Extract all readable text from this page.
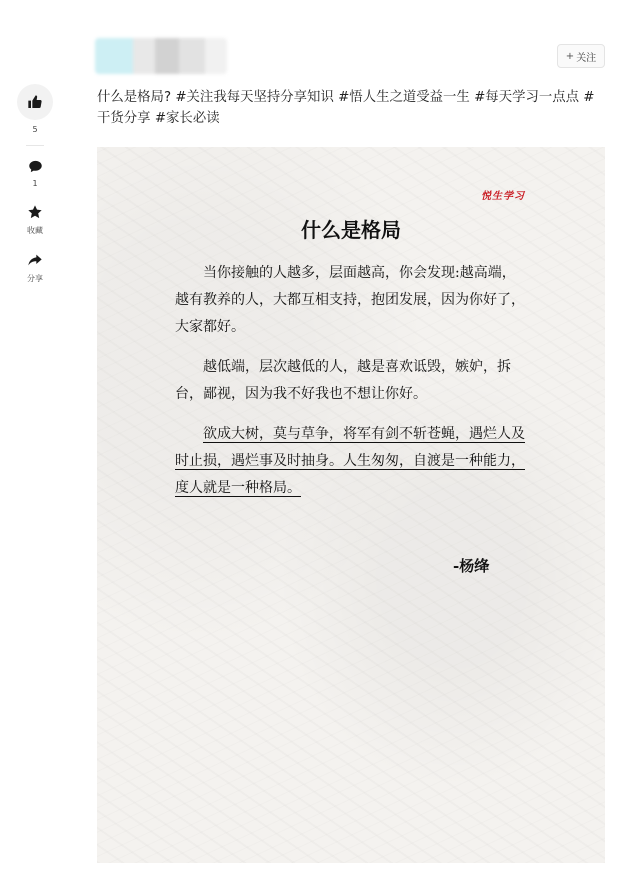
+ 关注
5
1
收藏
分享
什么是格局? #关注我每天坚持分享知识 #悟人生之道受益一生 #每天学习一点点 #干货分享 #家长必读
悦生学习
什么是格局
当你接触的人越多，层面越高，你会发现:越高端，越有教养的人，大都互相支持，抱团发展，因为你好了，大家都好。
越低端，层次越低的人，越是喜欢诋毁，嫉妒，拆台，鄙视，因为我不好我也不想让你好。
欲成大树，莫与草争，将军有剑不斩苍蝇，遇烂人及时止损，遇烂事及时抽身。人生匆匆，自渡是一种能力，度人就是一种格局。
-杨绛
